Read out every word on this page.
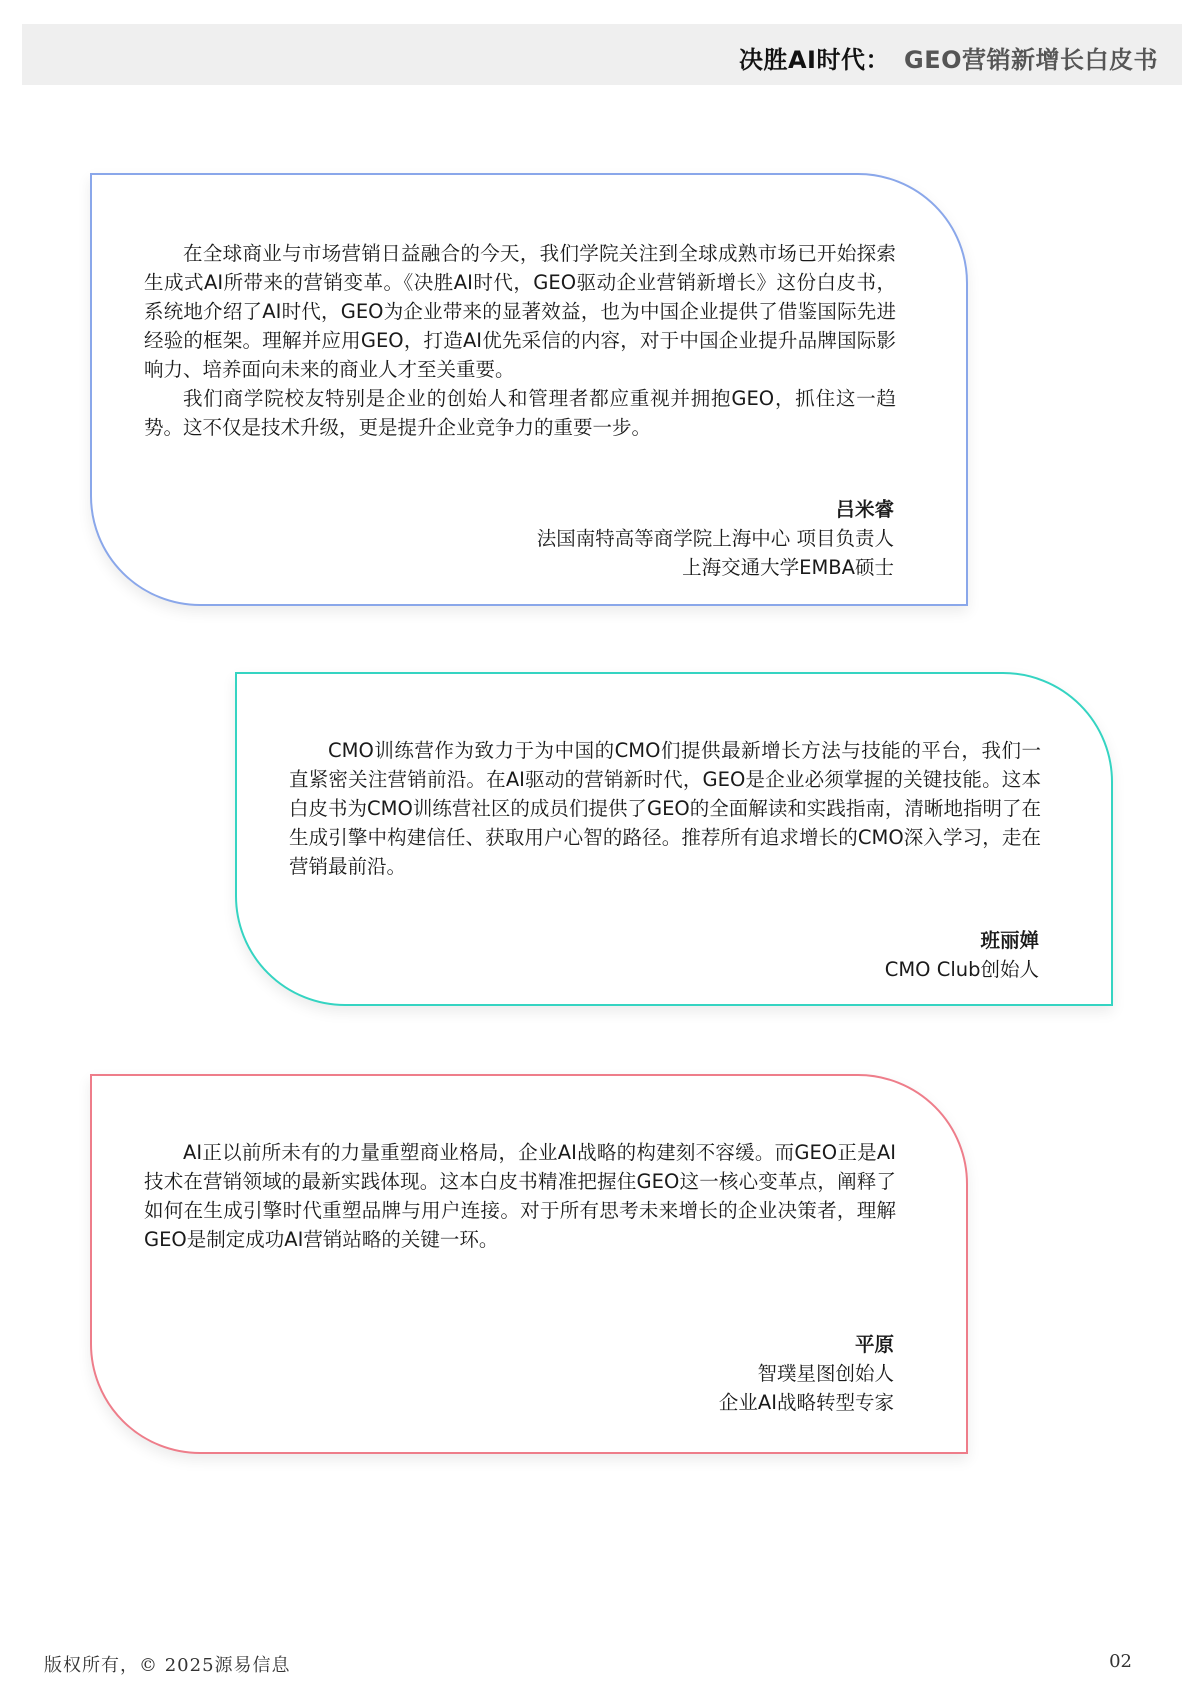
决胜AI时代： GEO营销新增长白皮书

在全球商业与市场营销日益融合的今天，我们学院关注到全球成熟市场已开始探索生成式AI所带来的营销变革。《决胜AI时代，GEO驱动企业营销新增长》这份白皮书，系统地介绍了AI时代，GEO为企业带来的显著效益，也为中国企业提供了借鉴国际先进经验的框架。理解并应用GEO，打造AI优先采信的内容，对于中国企业提升品牌国际影响力、培养面向未来的商业人才至关重要。

我们商学院校友特别是企业的创始人和管理者都应重视并拥抱GEO，抓住这一趋势。这不仅是技术升级，更是提升企业竞争力的重要一步。

吕米睿
法国南特高等商学院上海中心 项目负责人
上海交通大学EMBA硕士

CMO训练营作为致力于为中国的CMO们提供最新增长方法与技能的平台，我们一直紧密关注营销前沿。在AI驱动的营销新时代，GEO是企业必须掌握的关键技能。这本白皮书为CMO训练营社区的成员们提供了GEO的全面解读和实践指南，清晰地指明了在生成引擎中构建信任、获取用户心智的路径。推荐所有追求增长的CMO深入学习，走在营销最前沿。

班丽婵
CMO Club创始人

AI正以前所未有的力量重塑商业格局，企业AI战略的构建刻不容缓。而GEO正是AI技术在营销领域的最新实践体现。这本白皮书精准把握住GEO这一核心变革点，阐释了如何在生成引擎时代重塑品牌与用户连接。对于所有思考未来增长的企业决策者，理解GEO是制定成功AI营销站略的关键一环。

平原
智璞星图创始人
企业AI战略转型专家
版权所有，© 2025源易信息	02
